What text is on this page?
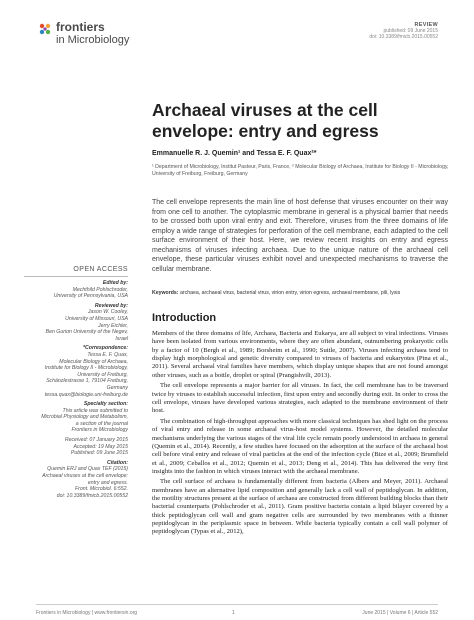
frontiers
in Microbiology
REVIEW
published: 09 June 2015
doi: 10.3389/fmicb.2015.00552
Archaeal viruses at the cell envelope: entry and egress
Emmanuelle R. J. Quemin¹ and Tessa E. F. Quax²*
¹ Department of Microbiology, Institut Pasteur, Paris, France, ² Molecular Biology of Archaea, Institute for Biology II - Microbiology, University of Freiburg, Freiburg, Germany
The cell envelope represents the main line of host defense that viruses encounter on their way from one cell to another. The cytoplasmic membrane in general is a physical barrier that needs to be crossed both upon viral entry and exit. Therefore, viruses from the three domains of life employ a wide range of strategies for perforation of the cell membrane, each adapted to the cell surface environment of their host. Here, we review recent insights on entry and egress mechanisms of viruses infecting archaea. Due to the unique nature of the archaeal cell envelope, these particular viruses exhibit novel and unexpected mechanisms to traverse the cellular membrane.
Keywords: archaea, archaeal virus, bacterial virus, virion entry, virion egress, archaeal membrane, pili, lysis
OPEN ACCESS
Edited by:
Mechthild Pohlschroder,
University of Pennsylvania, USA
Reviewed by:
Jason W. Cooley,
University of Missouri, USA
Jerry Eichler,
Ben Gurion University of the Negev,
Israel
*Correspondence:
Tessa E. F. Quax,
Molecular Biology of Archaea,
Institute for Biology II - Microbiology,
University of Freiburg,
Schänzlestrasse 1, 79104 Freiburg,
Germany
tessa.quax@biologie.uni-freiburg.de
Specialty section:
This article was submitted to
Microbial Physiology and Metabolism,
a section of the journal
Frontiers in Microbiology
Received: 07 January 2015
Accepted: 19 May 2015
Published: 09 June 2015
Citation:
Quemin ERJ and Quax TEF (2015)
Archaeal viruses at the cell envelope:
entry and egress.
Front. Microbiol. 6:552.
doi: 10.3389/fmicb.2015.00552
Introduction

Members of the three domains of life, Archaea, Bacteria and Eukarya, are all subject to viral infections. Viruses have been isolated from various environments, where they are often abundant, outnumbering prokaryotic cells by a factor of 10 (Bergh et al., 1989; Borsheim et al., 1990; Suttle, 2007). Viruses infecting archaea tend to display high morphological and genetic diversity compared to viruses of bacteria and eukaryotes (Pina et al., 2011). Several archaeal viral families have members, which display unique shapes that are not found amongst other viruses, such as a bottle, droplet or spiral (Prangishvili, 2013).

The cell envelope represents a major barrier for all viruses. In fact, the cell membrane has to be traversed twice by viruses to establish successful infection, first upon entry and secondly during exit. In order to cross the cell envelope, viruses have developed various strategies, each adapted to the membrane environment of their host.

The combination of high-throughput approaches with more classical techniques has shed light on the process of viral entry and release in some archaeal virus-host model systems. However, the detailed molecular mechanisms underlying the various stages of the viral life cycle remain poorly understood in archaea in general (Quemin et al., 2014). Recently, a few studies have focused on the adsorption at the surface of the archaeal host cell before viral entry and release of viral particles at the end of the infection cycle (Bize et al., 2009; Brumfield et al., 2009; Ceballos et al., 2012; Quemin et al., 2013; Deng et al., 2014). This has delivered the very first insights into the fashion in which viruses interact with the archaeal membrane.

The cell surface of archaea is fundamentally different from bacteria (Albers and Meyer, 2011). Archaeal membranes have an alternative lipid composition and generally lack a cell wall of peptidoglycan. In addition, the motility structures present at the surface of archaea are constructed from different building blocks than their bacterial counterparts (Pohlschroder et al., 2011). Gram positive bacteria contain a lipid bilayer covered by a thick peptidoglycan cell wall and gram negative cells are surrounded by two membranes with a thinner peptidoglycan in the periplasmic space in between. While bacteria typically contain a cell wall polymer of peptidoglycan (Typas et al., 2012),

Frontiers in Microbiology | www.frontiersin.org	1	June 2015 | Volume 6 | Article 552
